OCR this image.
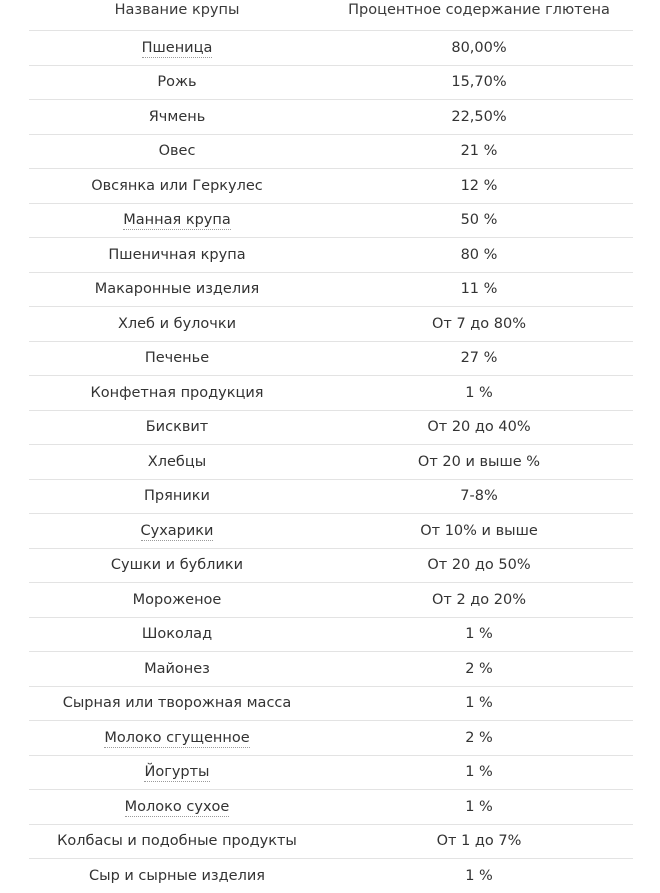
Название крупы	Процентное содержание глютена
Пшеница	80,00%
Рожь	15,70%
Ячмень	22,50%
Овес	21 %
Овсянка или Геркулес	12 %
Манная крупа	50 %
Пшеничная крупа	80 %
Макаронные изделия	11 %
Хлеб и булочки	От 7 до 80%
Печенье	27 %
Конфетная продукция	1 %
Бисквит	От 20 до 40%
Хлебцы	От 20 и выше %
Пряники	7-8%
Сухарики	От 10% и выше
Сушки и бублики	От 20 до 50%
Мороженое	От 2 до 20%
Шоколад	1 %
Майонез	2 %
Сырная или творожная масса	1 %
Молоко сгущенное	2 %
Йогурты	1 %
Молоко сухое	1 %
Колбасы и подобные продукты	От 1 до 7%
Сыр и сырные изделия	1 %
